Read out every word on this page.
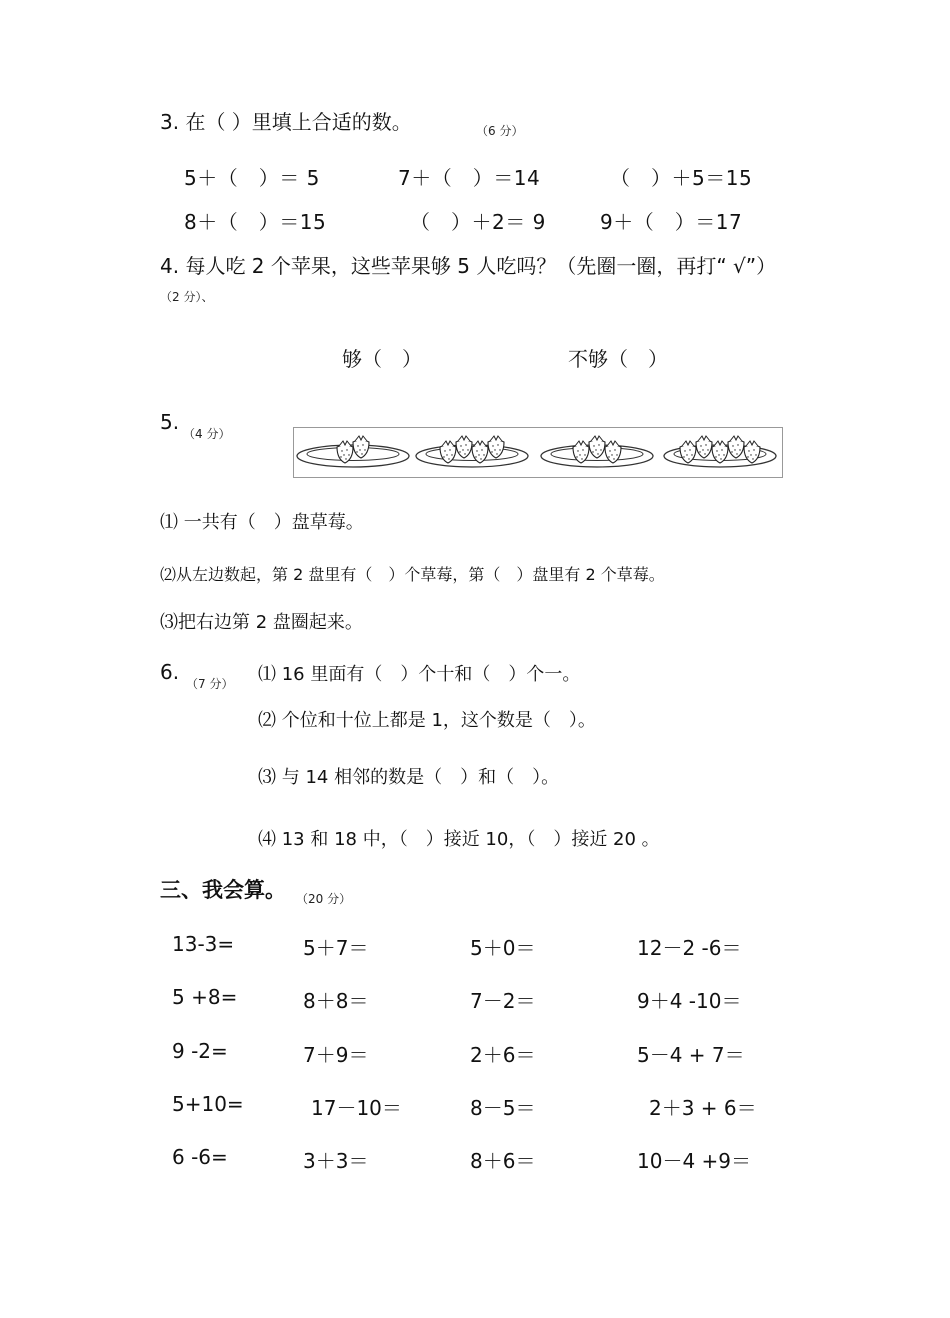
3. 在（ ）里填上合适的数。	（6 分）
5＋（　）＝ 5	7＋（　）＝14	（　）＋5＝15
8＋（　）＝15	（　）＋2＝ 9	9＋（　）＝17
4. 每人吃 2 个苹果，这些苹果够 5 人吃吗？（先圈一圈，再打“ √”）
（2 分）、
够（　）	不够（　）
5. （4 分）
⑴ 一共有（　）盘草莓。
⑵从左边数起，第 2 盘里有（　）个草莓，第（　）盘里有 2 个草莓。
⑶把右边第 2 盘圈起来。
6. （7 分） ⑴ 16 里面有（　）个十和（　）个一。
⑵ 个位和十位上都是 1，这个数是（　）。
⑶ 与 14 相邻的数是（　）和（　）。
⑷ 13 和 18 中，（　）接近 10，（　）接近 20 。
三、我会算。 （20 分）
13-3=	5＋7＝	5＋0＝	12－2 -6＝
5 +8=	8＋8＝	7－2＝	9＋4 -10＝
9 -2=	7＋9＝	2＋6＝	5－4 + 7＝
5+10=	17－10＝	8－5＝	2＋3 + 6＝
6 -6=	3＋3＝	8＋6＝	10－4 +9＝
